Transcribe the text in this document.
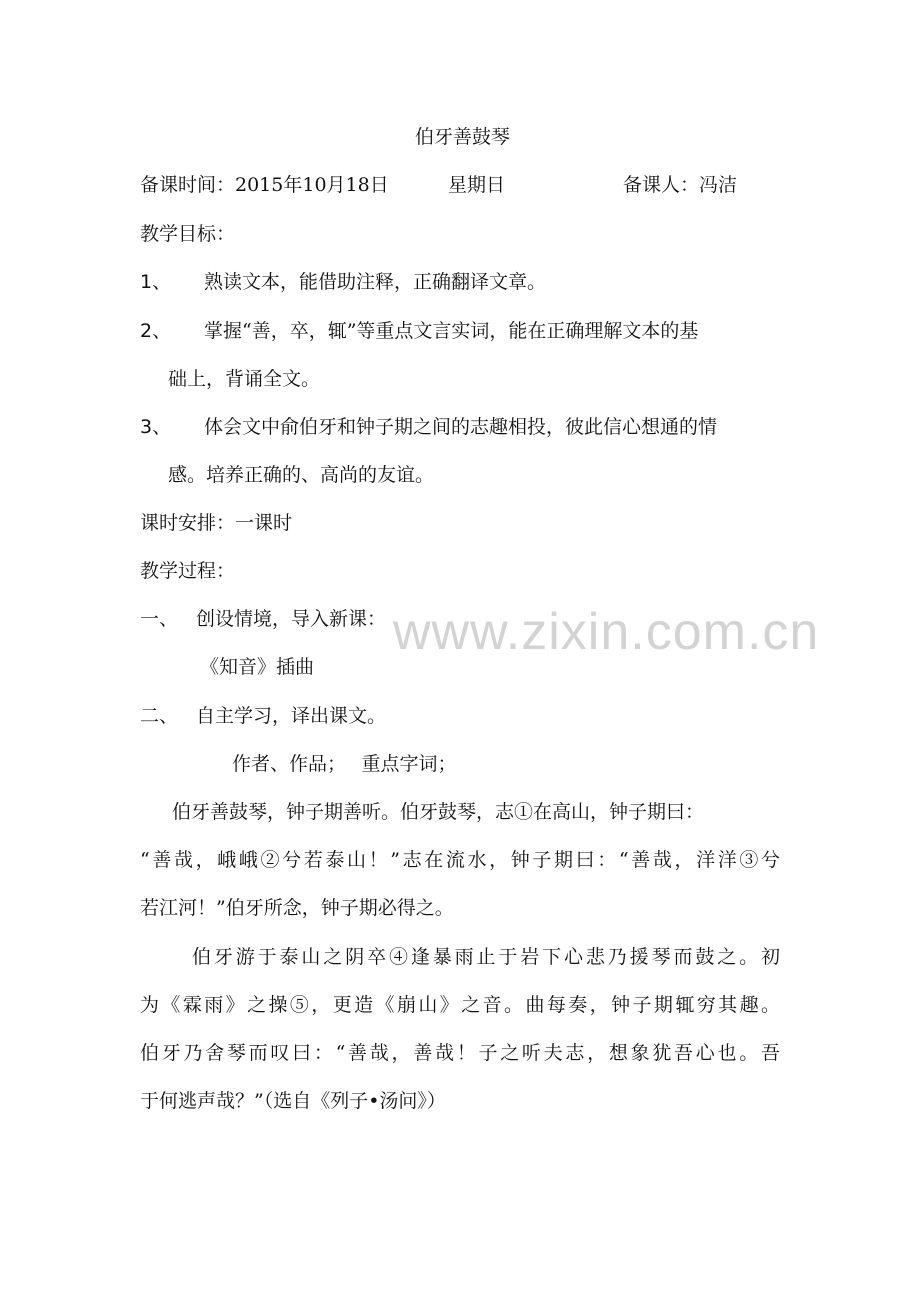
伯牙善鼓琴
备课时间： 2015年10月18日	星期日	备课人：冯洁
教学目标：
1、 熟读文本，能借助注释，正确翻译文章。
2、 掌握“善，卒，辄”等重点文言实词，能在正确理解文本的基
础上，背诵全文。
3、 体会文中俞伯牙和钟子期之间的志趣相投，彼此信心想通的情
感。培养正确的、高尚的友谊。
课时安排：一课时
教学过程：
一、 创设情境，导入新课：
《知音》插曲
二、 自主学习，译出课文。
作者、作品；　 重点字词；
伯牙善鼓琴，钟子期善听。伯牙鼓琴，志①在高山，钟子期曰：
“善哉，峨峨②兮若泰山！”志在流水，钟子期曰：“善哉，洋洋③兮
若江河！”伯牙所念，钟子期必得之。
伯牙游于泰山之阴卒④逢暴雨止于岩下心悲乃援琴而鼓之。初
为《霖雨》之操⑤，更造《崩山》之音。曲每奏，钟子期辄穷其趣。
伯牙乃舍琴而叹曰：“善哉，善哉！子之听夫志，想象犹吾心也。吾
于何逃声哉？”（选自《列子•汤问》）
www.zixin.com.cn
